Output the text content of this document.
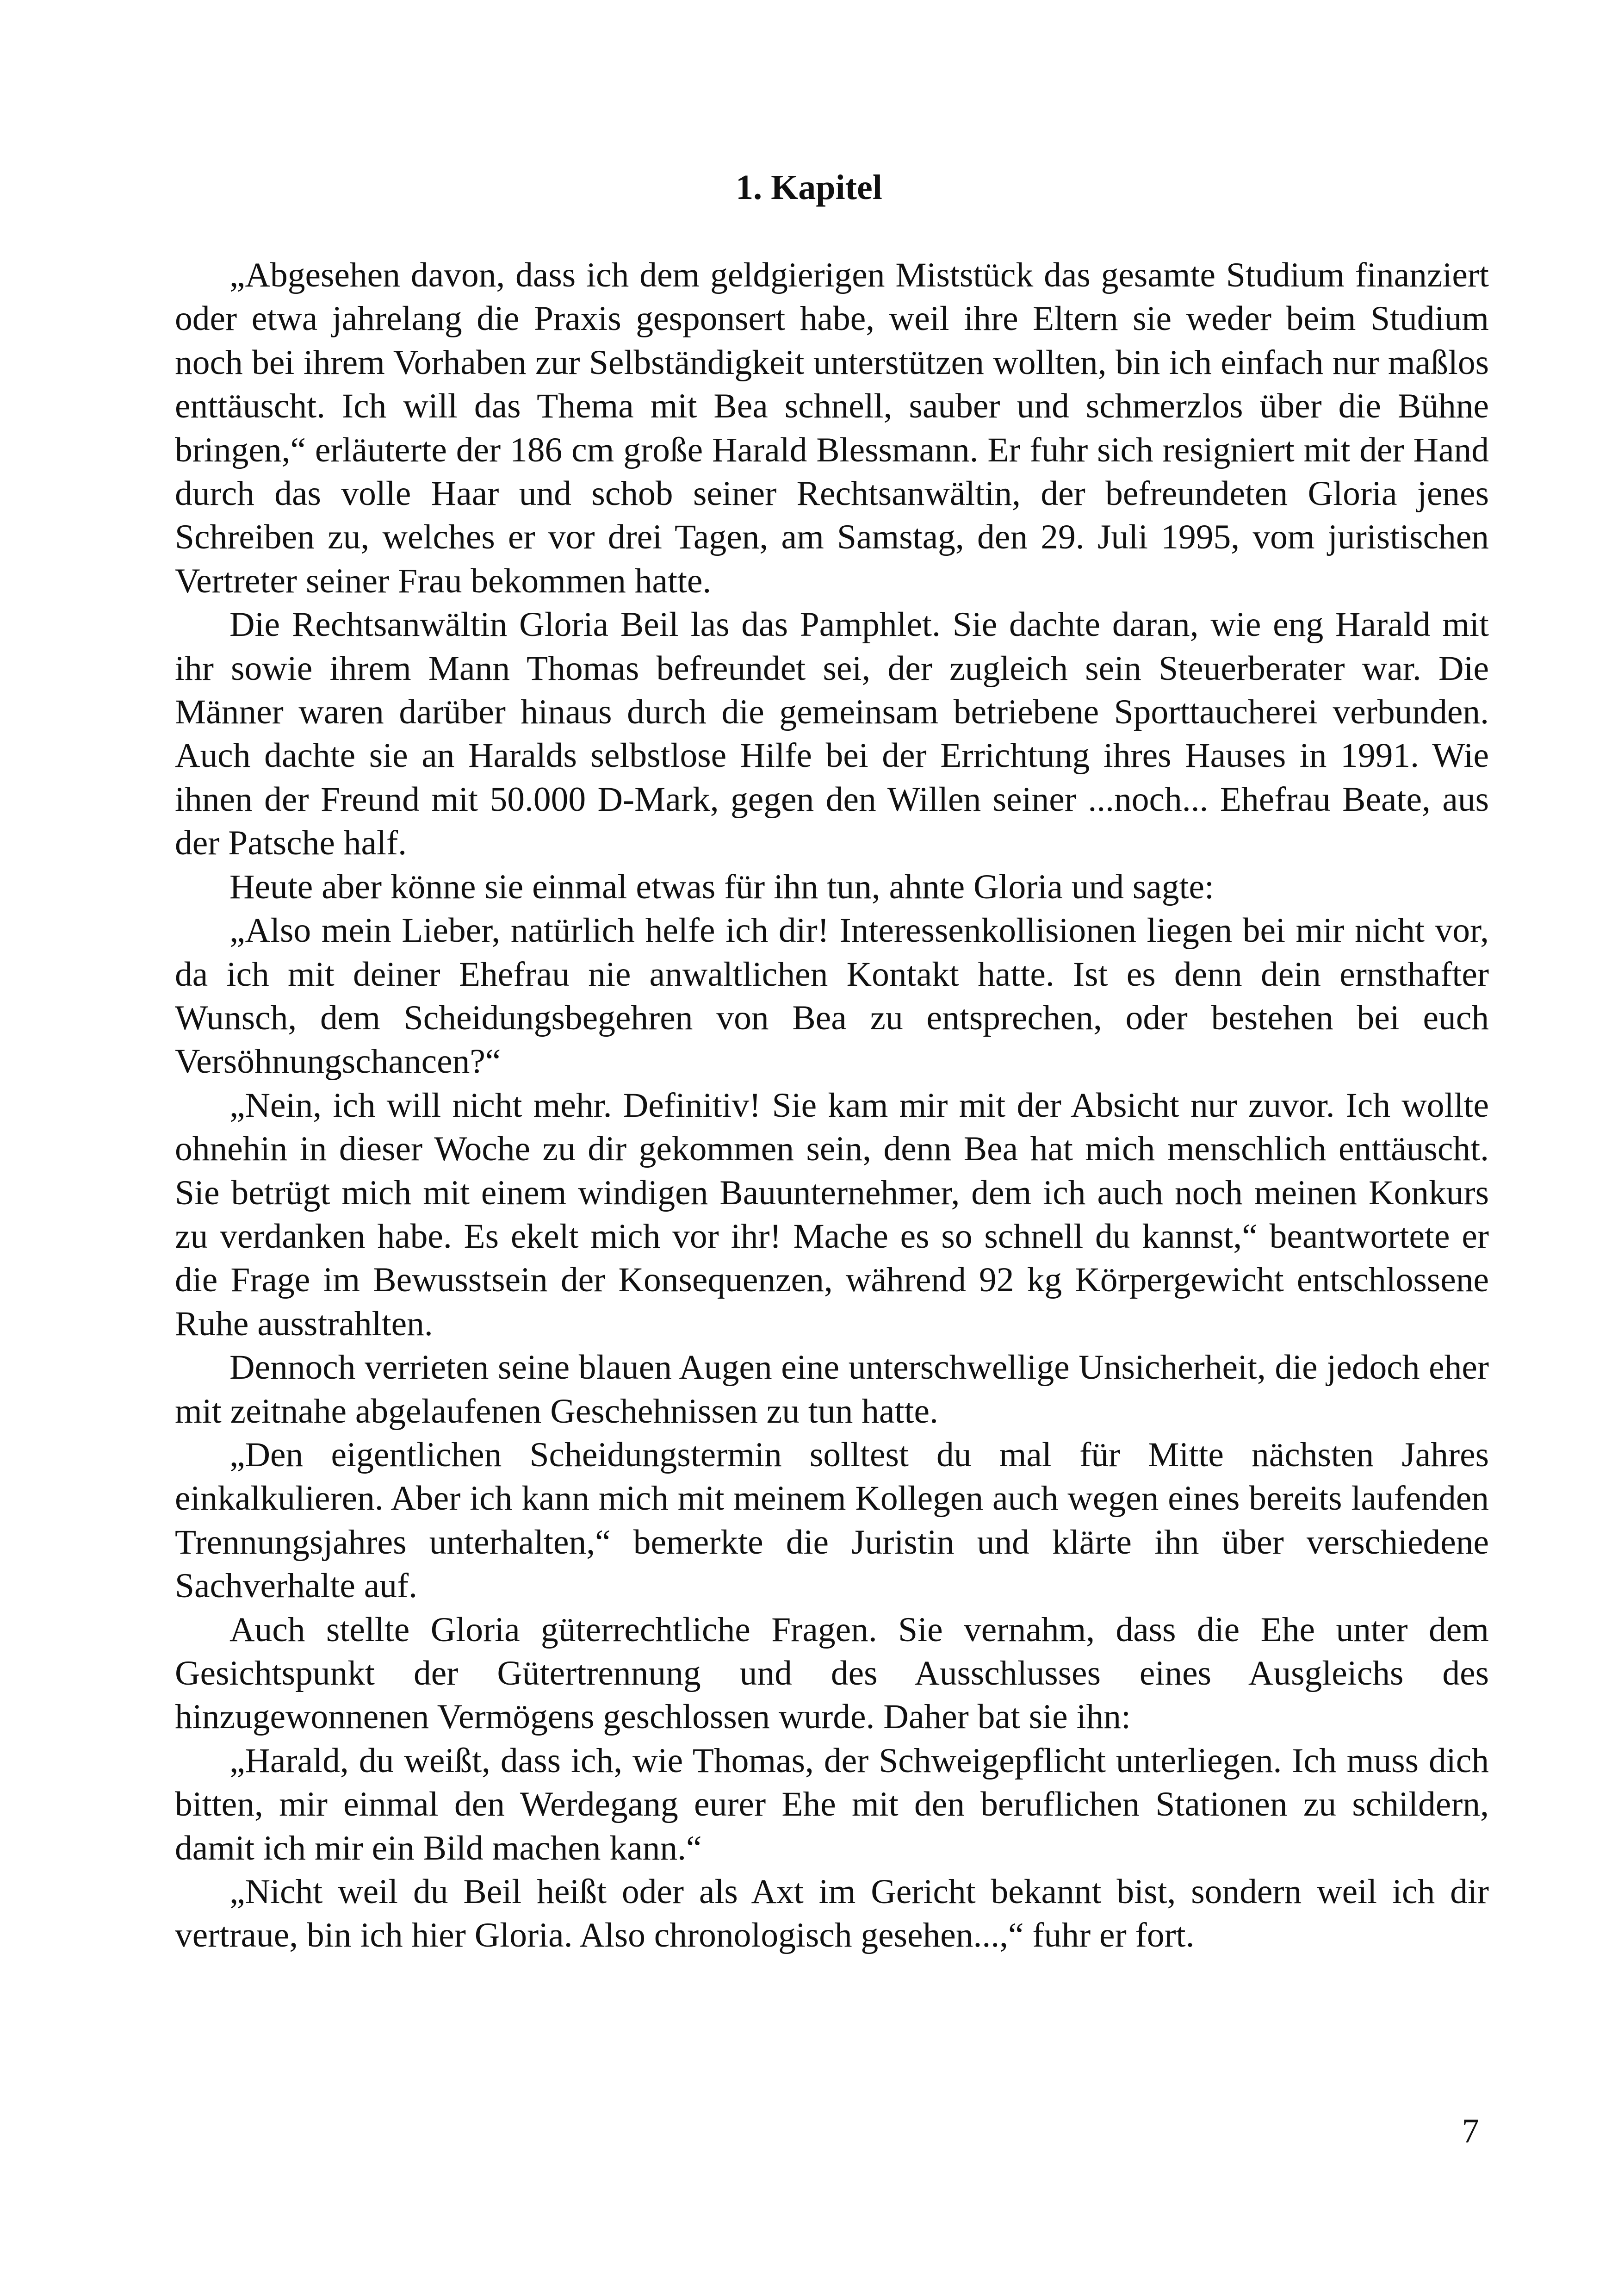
1. Kapitel

„Abgesehen davon, dass ich dem geldgierigen Miststück das gesamte Studium finanziert oder etwa jahrelang die Praxis gesponsert habe, weil ihre Eltern sie weder beim Studium noch bei ihrem Vorhaben zur Selbständigkeit unterstützen wollten, bin ich einfach nur maßlos enttäuscht. Ich will das Thema mit Bea schnell, sauber und schmerzlos über die Bühne bringen,“ erläuterte der 186 cm große Harald Blessmann. Er fuhr sich resigniert mit der Hand durch das volle Haar und schob seiner Rechtsanwältin, der befreundeten Gloria jenes Schreiben zu, welches er vor drei Tagen, am Samstag, den 29. Juli 1995, vom juristischen Vertreter seiner Frau bekommen hatte.

Die Rechtsanwältin Gloria Beil las das Pamphlet. Sie dachte daran, wie eng Harald mit ihr sowie ihrem Mann Thomas befreundet sei, der zugleich sein Steuerberater war. Die Männer waren darüber hinaus durch die gemeinsam betriebene Sporttaucherei verbunden. Auch dachte sie an Haralds selbstlose Hilfe bei der Errichtung ihres Hauses in 1991. Wie ihnen der Freund mit 50.000 D-Mark, gegen den Willen seiner ...noch... Ehefrau Beate, aus der Patsche half.

Heute aber könne sie einmal etwas für ihn tun, ahnte Gloria und sagte:

„Also mein Lieber, natürlich helfe ich dir! Interessenkollisionen liegen bei mir nicht vor, da ich mit deiner Ehefrau nie anwaltlichen Kontakt hatte. Ist es denn dein ernsthafter Wunsch, dem Scheidungsbegehren von Bea zu entsprechen, oder bestehen bei euch Versöhnungschancen?“

„Nein, ich will nicht mehr. Definitiv! Sie kam mir mit der Absicht nur zuvor. Ich wollte ohnehin in dieser Woche zu dir gekommen sein, denn Bea hat mich menschlich enttäuscht. Sie betrügt mich mit einem windigen Bauunternehmer, dem ich auch noch meinen Konkurs zu verdanken habe. Es ekelt mich vor ihr! Mache es so schnell du kannst,“ beantwortete er die Frage im Bewusstsein der Konsequenzen, während 92 kg Körpergewicht entschlossene Ruhe ausstrahlten.

Dennoch verrieten seine blauen Augen eine unterschwellige Unsicherheit, die jedoch eher mit zeitnahe abgelaufenen Geschehnissen zu tun hatte.

„Den eigentlichen Scheidungstermin solltest du mal für Mitte nächsten Jahres einkalkulieren. Aber ich kann mich mit meinem Kollegen auch wegen eines bereits laufenden Trennungsjahres unterhalten,“ bemerkte die Juristin und klärte ihn über verschiedene Sachverhalte auf.

Auch stellte Gloria güterrechtliche Fragen. Sie vernahm, dass die Ehe unter dem Gesichtspunkt der Gütertrennung und des Ausschlusses eines Ausgleichs des hinzugewonnenen Vermögens geschlossen wurde. Daher bat sie ihn:

„Harald, du weißt, dass ich, wie Thomas, der Schweigepflicht unterliegen. Ich muss dich bitten, mir einmal den Werdegang eurer Ehe mit den beruflichen Stationen zu schildern, damit ich mir ein Bild machen kann.“

„Nicht weil du Beil heißt oder als Axt im Gericht bekannt bist, sondern weil ich dir vertraue, bin ich hier Gloria. Also chronologisch gesehen...,“ fuhr er fort.

7
